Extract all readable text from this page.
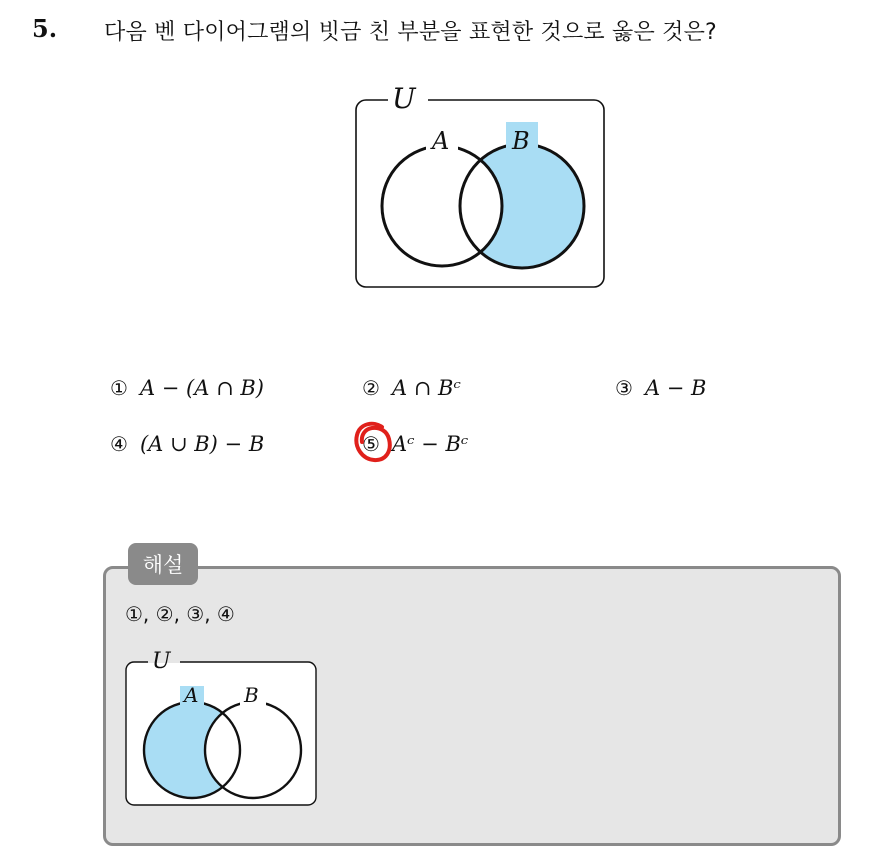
5. 다음 벤 다이어그램의 빗금 친 부분을 표현한 것으로 옳은 것은?
U
A	B
① A − (A ∩ B)	② A ∩ Bᶜ	③ A − B
④ (A ∪ B) − B	⑤ Aᶜ − Bᶜ
해설
①, ②, ③, ④
U
A B
